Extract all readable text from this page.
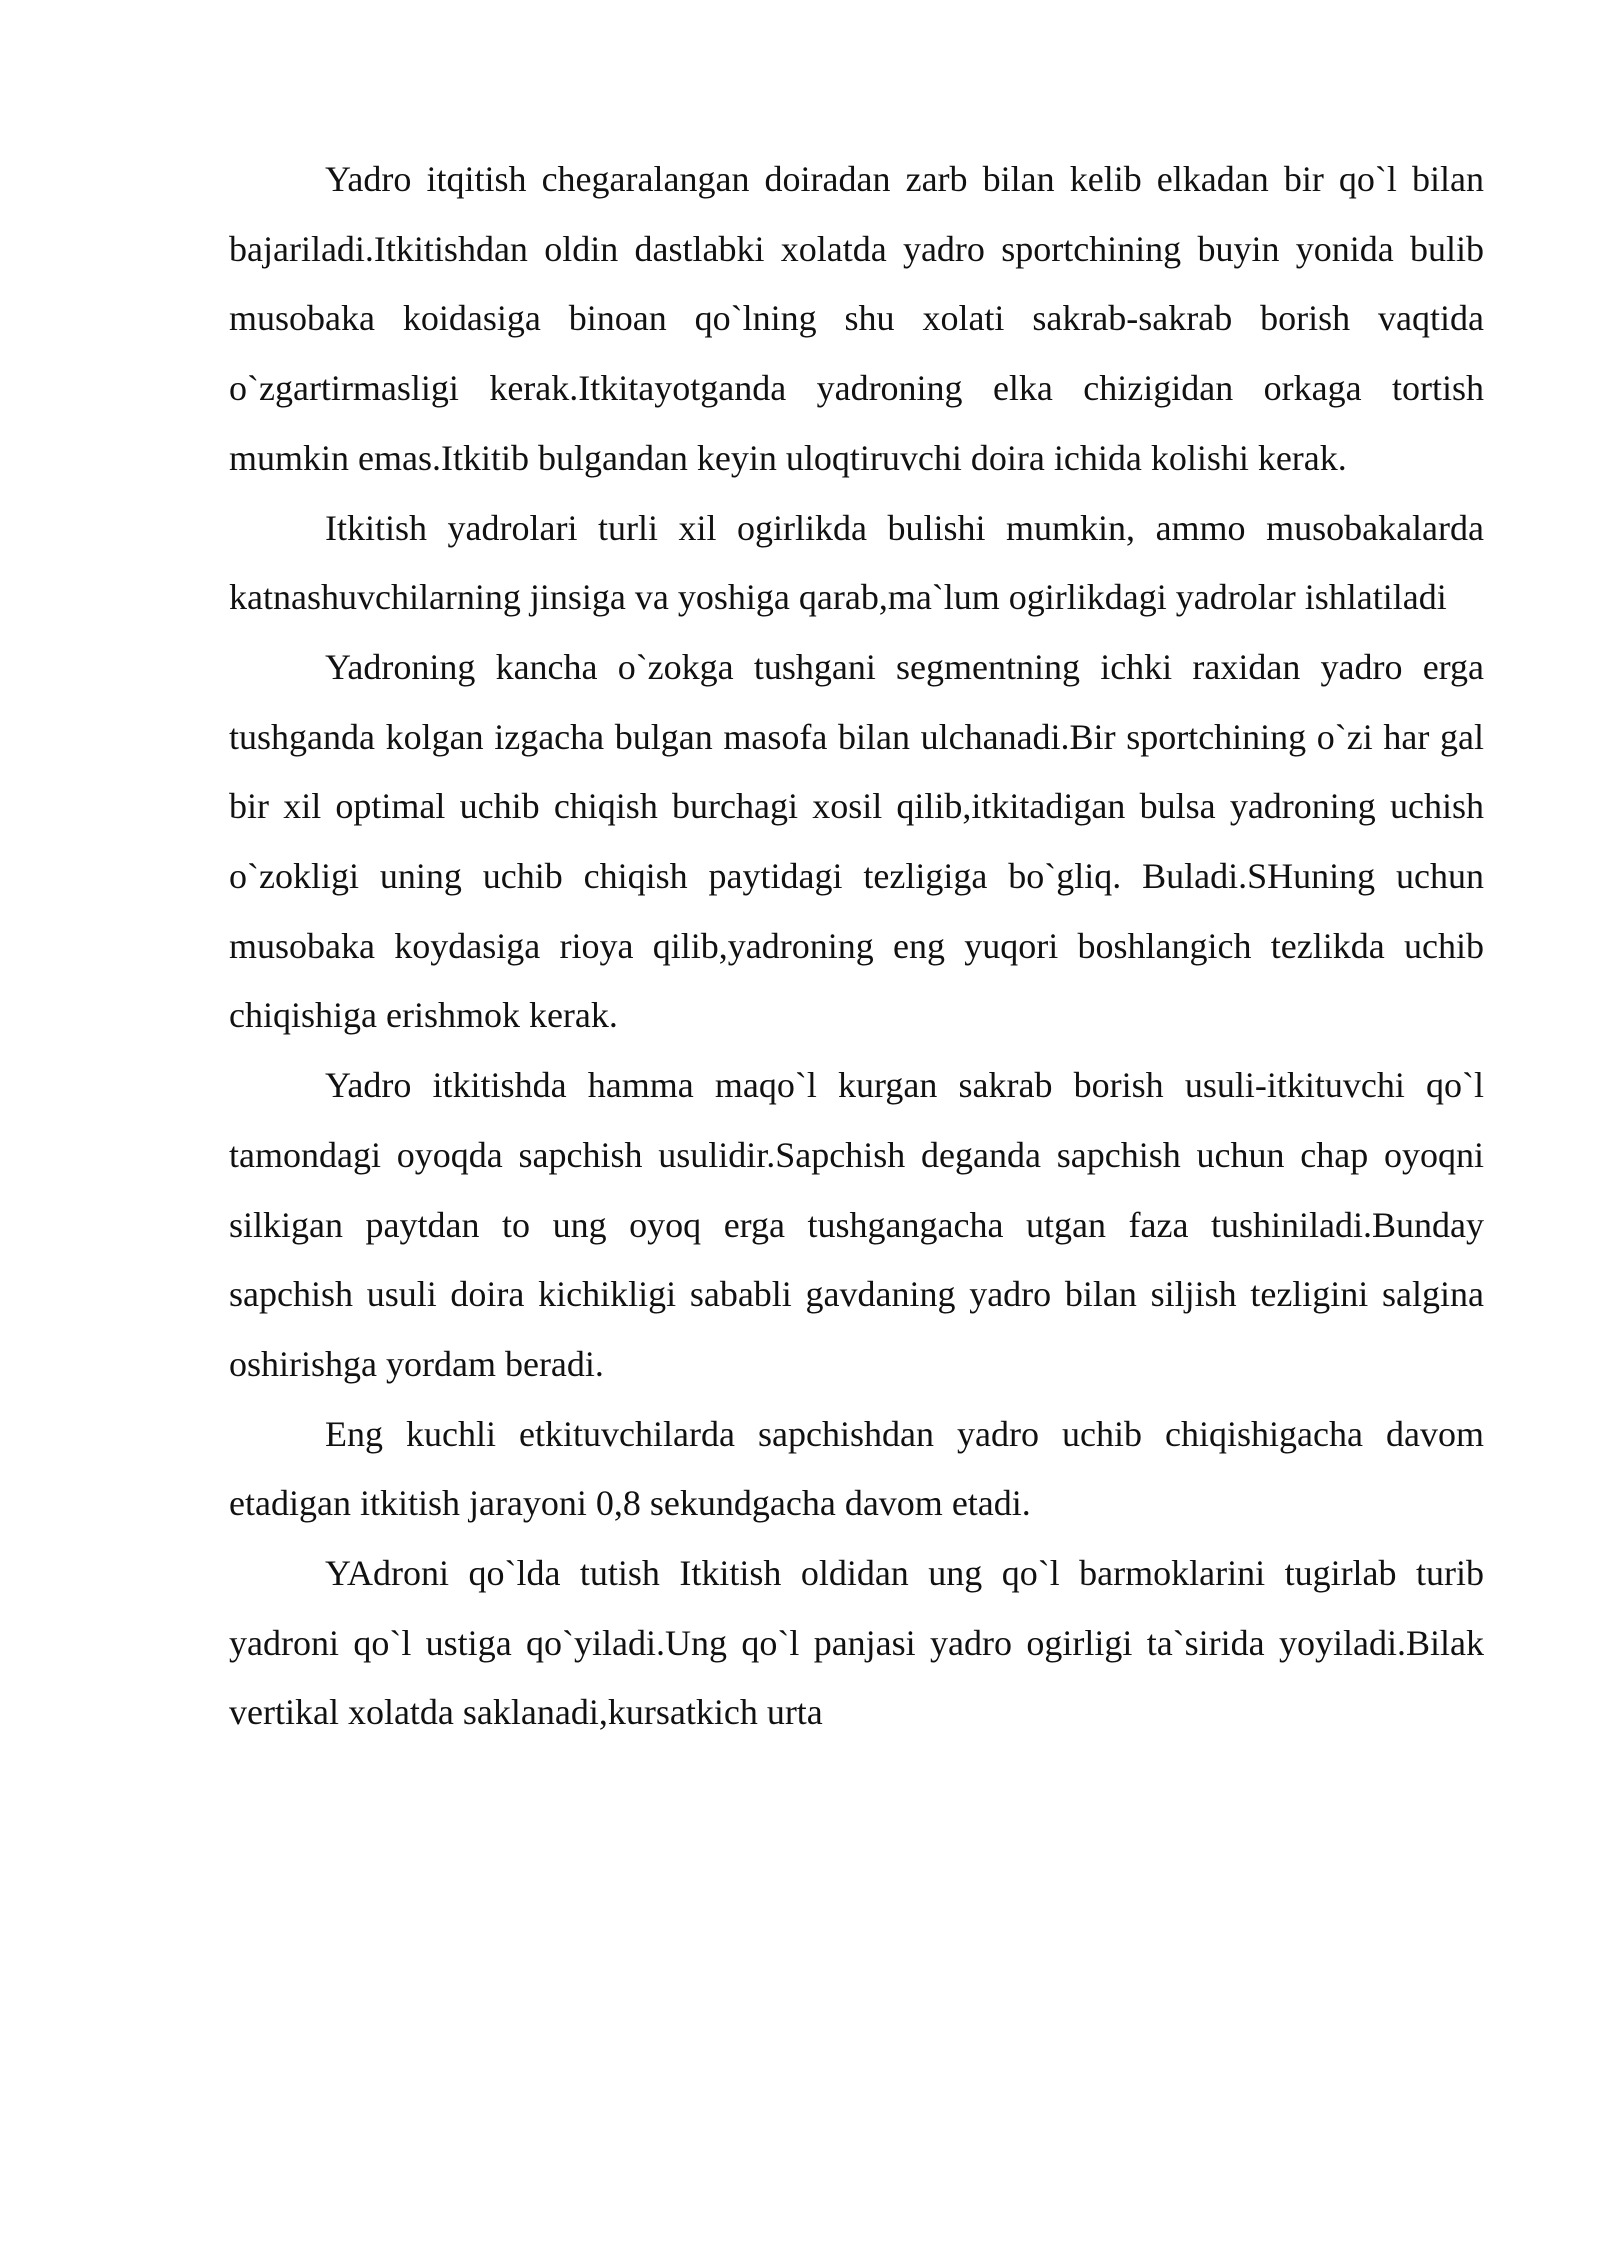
Yadro itqitish chegaralangan doiradan zarb bilan kelib elkadan bir qo`l bilan bajariladi.Itkitishdan oldin dastlabki xolatda yadro sportchining buyin yonida bulib musobaka koidasiga binoan qo`lning shu xolati sakrab-sakrab borish vaqtida o`zgartirmasligi kerak.Itkitayotganda yadroning elka chizigidan orkaga tortish mumkin emas.Itkitib bulgandan keyin uloqtiruvchi doira ichida kolishi kerak.

Itkitish yadrolari turli xil ogirlikda bulishi mumkin, ammo musobakalarda katnashuvchilarning jinsiga va yoshiga qarab,ma`lum ogirlikdagi yadrolar ishlatiladi

Yadroning kancha o`zokga tushgani segmentning ichki raxidan yadro erga tushganda kolgan izgacha bulgan masofa bilan ulchanadi.Bir sportchining o`zi har gal bir xil optimal uchib chiqish burchagi xosil qilib,itkitadigan bulsa yadroning uchish o`zokligi uning uchib chiqish paytidagi tezligiga bo`gliq. Buladi.SHuning uchun musobaka koydasiga rioya qilib,yadroning eng yuqori boshlangich tezlikda uchib chiqishiga erishmok kerak.

Yadro itkitishda hamma maqo`l kurgan sakrab borish usuli-itkituvchi qo`l tamondagi oyoqda sapchish usulidir.Sapchish deganda sapchish uchun chap oyoqni silkigan paytdan to ung oyoq erga tushgangacha utgan faza tushiniladi.Bunday sapchish usuli doira kichikligi sababli gavdaning yadro bilan siljish tezligini salgina oshirishga yordam beradi.

Eng kuchli etkituvchilarda sapchishdan yadro uchib chiqishigacha davom etadigan itkitish jarayoni 0,8 sekundgacha davom etadi.

YAdroni qo`lda tutish Itkitish oldidan ung qo`l barmoklarini tugirlab turib yadroni qo`l ustiga qo`yiladi.Ung qo`l panjasi yadro ogirligi ta`sirida yoyiladi.Bilak vertikal xolatda saklanadi,kursatkich urta
